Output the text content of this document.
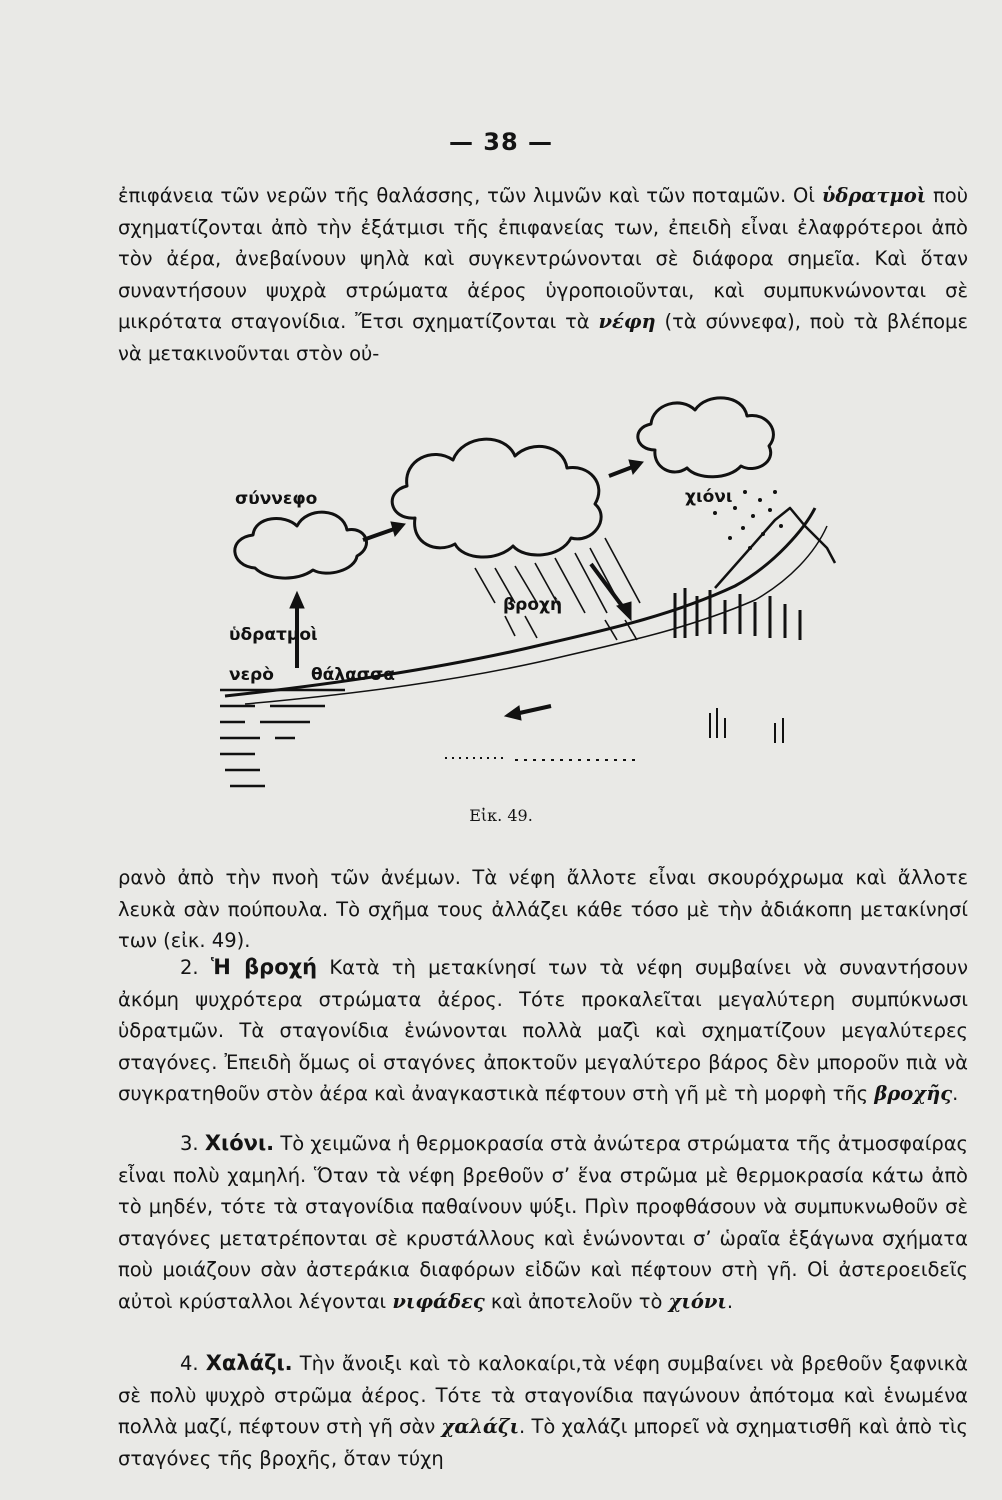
— 38 —

ἐπιφάνεια τῶν νερῶν τῆς θαλάσσης, τῶν λιμνῶν καὶ τῶν ποταμῶν. Οἱ ὑδρατμοὶ ποὺ σχηματίζονται ἀπὸ τὴν ἐξάτμισι τῆς ἐπιφανείας των, ἐπειδὴ εἶναι ἐλαφρότεροι ἀπὸ τὸν ἀέρα, ἀνεβαίνουν ψηλὰ καὶ συγκεντρώνονται σὲ διάφορα σημεῖα. Καὶ ὅταν συναντήσουν ψυχρὰ στρώματα ἀέρος ὑγροποιοῦνται, καὶ συμπυκνώνονται σὲ μικρότατα σταγονίδια. Ἔτσι σχηματίζονται τὰ νέφη (τὰ σύννεφα), ποὺ τὰ βλέπομε νὰ μετακινοῦνται στὸν οὐ-

σύννεφο
ὑδρατμοὶ
νερὸ θάλασσα
βροχὴ
χιόνι
Εἰκ. 49.

ρανὸ ἀπὸ τὴν πνοὴ τῶν ἀνέμων. Τὰ νέφη ἄλλοτε εἶναι σκουρόχρωμα καὶ ἄλλοτε λευκὰ σὰν πούπουλα. Τὸ σχῆμα τους ἀλλάζει κάθε τόσο μὲ τὴν ἀδιάκοπη μετακίνησί των (εἰκ. 49).

2. Ἡ βροχή Κατὰ τὴ μετακίνησί των τὰ νέφη συμβαίνει νὰ συναντήσουν ἀκόμη ψυχρότερα στρώματα ἀέρος. Τότε προκαλεῖται μεγαλύτερη συμπύκνωσι ὑδρατμῶν. Τὰ σταγονίδια ἑνώνονται πολλὰ μαζὶ καὶ σχηματίζουν μεγαλύτερες σταγόνες. Ἐπειδὴ ὅμως οἱ σταγόνες ἀποκτοῦν μεγαλύτερο βάρος δὲν μποροῦν πιὰ νὰ συγκρατηθοῦν στὸν ἀέρα καὶ ἀναγκαστικὰ πέφτουν στὴ γῆ μὲ τὴ μορφὴ τῆς βροχῆς.

3. Χιόνι. Τὸ χειμῶνα ἡ θερμοκρασία στὰ ἀνώτερα στρώματα τῆς ἀτμοσφαίρας εἶναι πολὺ χαμηλή. Ὅταν τὰ νέφη βρεθοῦν σ’ ἕνα στρῶμα μὲ θερμοκρασία κάτω ἀπὸ τὸ μηδέν, τότε τὰ σταγονίδια παθαίνουν ψύξι. Πρὶν προφθάσουν νὰ συμπυκνωθοῦν σὲ σταγόνες μετατρέπονται σὲ κρυστάλλους καὶ ἑνώνονται σ’ ὡραῖα ἑξάγωνα σχήματα ποὺ μοιάζουν σὰν ἀστεράκια διαφόρων εἰδῶν καὶ πέφτουν στὴ γῆ. Οἱ ἀστεροειδεῖς αὐτοὶ κρύσταλλοι λέγονται νιφάδες καὶ ἀποτελοῦν τὸ χιόνι.

4. Χαλάζι. Τὴν ἄνοιξι καὶ τὸ καλοκαίρι,τὰ νέφη συμβαίνει νὰ βρεθοῦν ξαφνικὰ σὲ πολὺ ψυχρὸ στρῶμα ἀέρος. Τότε τὰ σταγονίδια παγώνουν ἀπότομα καὶ ἑνωμένα πολλὰ μαζί, πέφτουν στὴ γῆ σὰν χαλάζι. Τὸ χαλάζι μπορεῖ νὰ σχηματισθῆ καὶ ἀπὸ τὶς σταγόνες τῆς βροχῆς, ὅταν τύχη
